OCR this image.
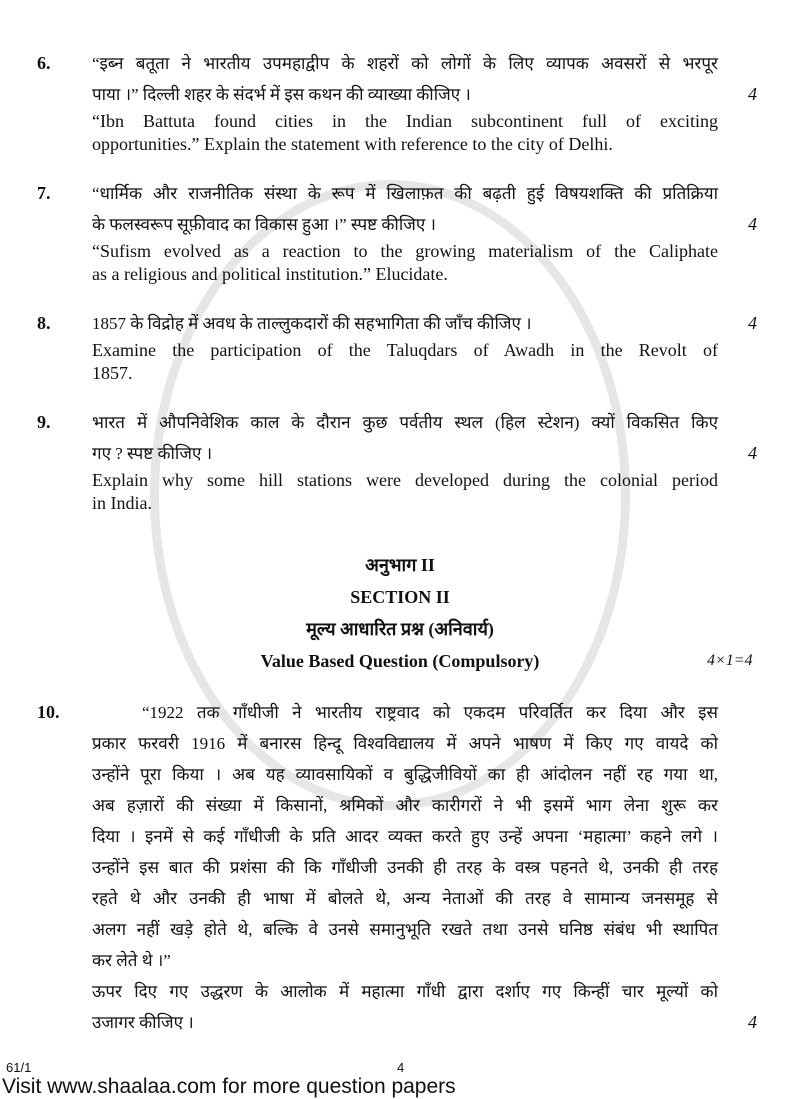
6.	“इब्न बतूता ने भारतीय उपमहाद्वीप के शहरों को लोगों के लिए व्यापक अवसरों से भरपूर
पाया ।” दिल्ली शहर के संदर्भ में इस कथन की व्याख्या कीजिए ।	4
“Ibn Battuta found cities in the Indian subcontinent full of exciting
opportunities.” Explain the statement with reference to the city of Delhi.
7.	“धार्मिक और राजनीतिक संस्था के रूप में खिलाफ़त की बढ़ती हुई विषयशक्ति की प्रतिक्रिया
के फलस्वरूप सूफ़ीवाद का विकास हुआ ।” स्पष्ट कीजिए ।	4
“Sufism evolved as a reaction to the growing materialism of the Caliphate
as a religious and political institution.” Elucidate.
8.	1857 के विद्रोह में अवध के ताल्लुकदारों की सहभागिता की जाँच कीजिए ।	4
Examine the participation of the Taluqdars of Awadh in the Revolt of
1857.
9.	भारत में औपनिवेशिक काल के दौरान कुछ पर्वतीय स्थल (हिल स्टेशन) क्यों विकसित किए
गए ? स्पष्ट कीजिए ।	4
Explain why some hill stations were developed during the colonial period
in India.
अनुभाग II
SECTION II
मूल्य आधारित प्रश्न (अनिवार्य)
Value Based Question (Compulsory)	4×1=4
10.	“1922 तक गाँधीजी ने भारतीय राष्ट्रवाद को एकदम परिवर्तित कर दिया और इस
प्रकार फरवरी 1916 में बनारस हिन्दू विश्वविद्यालय में अपने भाषण में किए गए वायदे को
उन्होंने पूरा किया । अब यह व्यावसायिकों व बुद्धिजीवियों का ही आंदोलन नहीं रह गया था,
अब हज़ारों की संख्या में किसानों, श्रमिकों और कारीगरों ने भी इसमें भाग लेना शुरू कर
दिया । इनमें से कई गाँधीजी के प्रति आदर व्यक्त करते हुए उन्हें अपना ‘महात्मा’ कहने लगे ।
उन्होंने इस बात की प्रशंसा की कि गाँधीजी उनकी ही तरह के वस्त्र पहनते थे, उनकी ही तरह
रहते थे और उनकी ही भाषा में बोलते थे, अन्य नेताओं की तरह वे सामान्य जनसमूह से
अलग नहीं खड़े होते थे, बल्कि वे उनसे समानुभूति रखते तथा उनसे घनिष्ठ संबंध भी स्थापित
कर लेते थे ।”
ऊपर दिए गए उद्धरण के आलोक में महात्मा गाँधी द्वारा दर्शाए गए किन्हीं चार मूल्यों को
उजागर कीजिए ।	4
61/1	4
Visit www.shaalaa.com for more question papers
